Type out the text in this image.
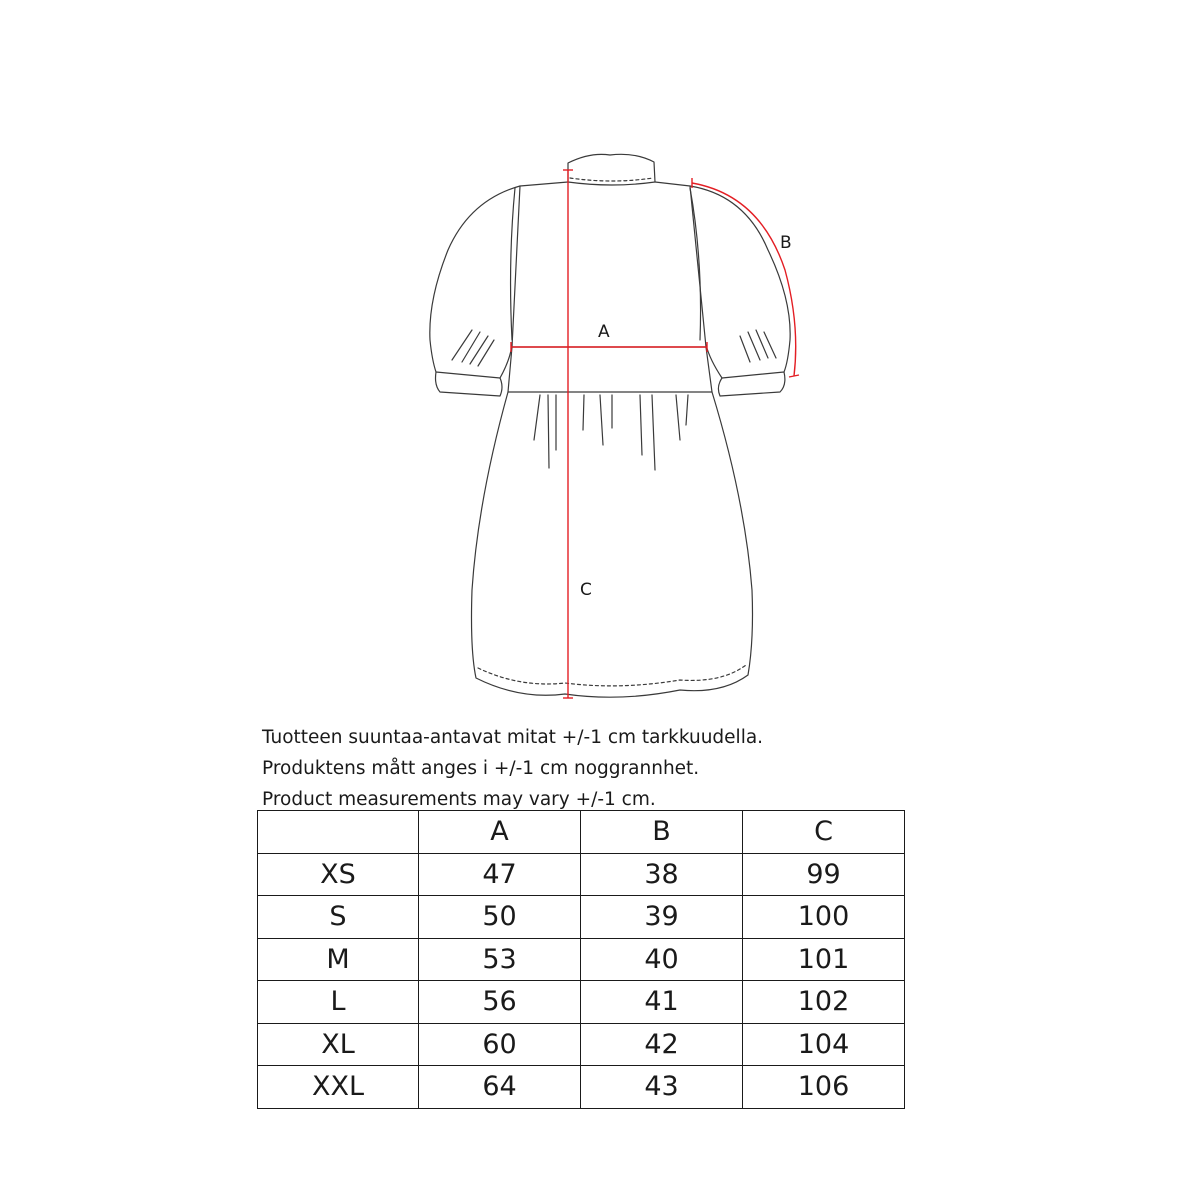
A
B
C
Tuotteen suuntaa-antavat mitat +/-1 cm tarkkuudella.
Produktens mått anges i +/-1 cm noggrannhet.
Product measurements may vary +/-1 cm.
	A	B	C
XS	47	38	99
S	50	39	100
M	53	40	101
L	56	41	102
XL	60	42	104
XXL	64	43	106
